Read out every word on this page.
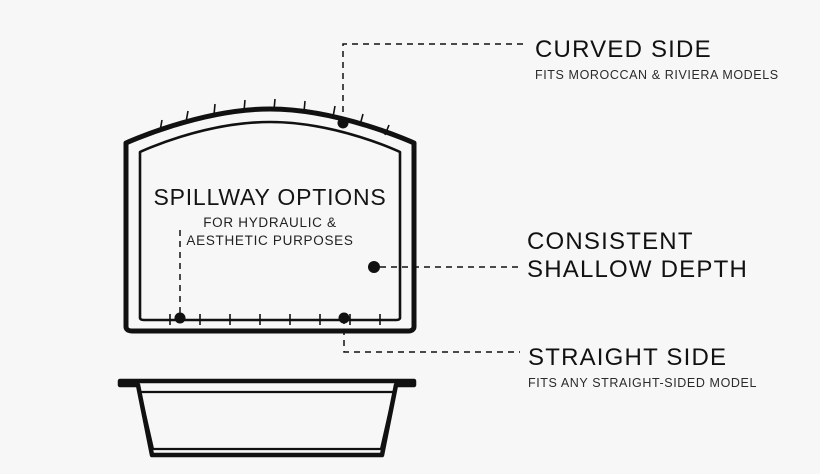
SPILLWAY OPTIONS
FOR HYDRAULIC &
AESTHETIC PURPOSES
CURVED SIDE
FITS MOROCCAN & RIVIERA MODELS
CONSISTENT
SHALLOW DEPTH
STRAIGHT SIDE
FITS ANY STRAIGHT-SIDED MODEL
